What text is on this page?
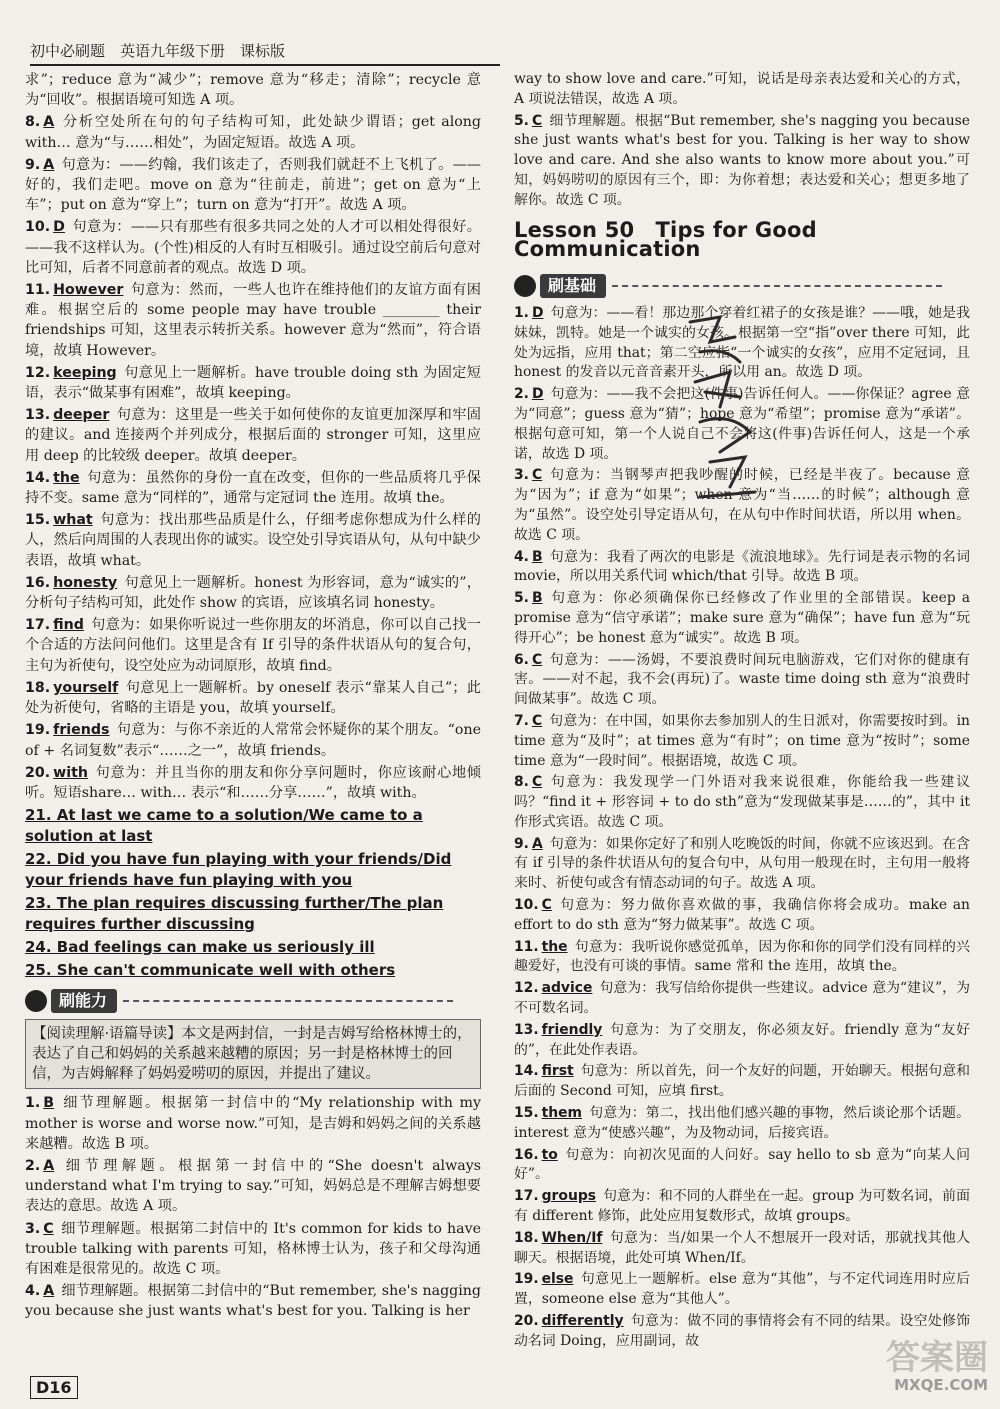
初中必刷题　英语九年级下册　课标版
求”；reduce 意为“减少”；remove 意为“移走；清除”；recycle 意为“回收”。根据语境可知选 A 项。
8. A 分析空处所在句的句子结构可知，此处缺少谓语；get along with… 意为“与……相处”，为固定短语。故选 A 项。
9. A 句意为：——约翰，我们该走了，否则我们就赶不上飞机了。——好的，我们走吧。move on 意为“往前走，前进”；get on 意为“上车”；put on 意为“穿上”；turn on 意为“打开”。故选 A 项。
10. D 句意为：——只有那些有很多共同之处的人才可以相处得很好。——我不这样认为。(个性)相反的人有时互相吸引。通过设空前后句意对比可知，后者不同意前者的观点。故选 D 项。
11. However 句意为：然而，一些人也许在维持他们的友谊方面有困难。根据空后的 some people may have trouble ________ their friendships 可知，这里表示转折关系。however 意为“然而”，符合语境，故填 However。
12. keeping 句意见上一题解析。have trouble doing sth 为固定短语，表示“做某事有困难”，故填 keeping。
13. deeper 句意为：这里是一些关于如何使你的友谊更加深厚和牢固的建议。and 连接两个并列成分，根据后面的 stronger 可知，这里应用 deep 的比较级 deeper。故填 deeper。
14. the 句意为：虽然你的身份一直在改变，但你的一些品质将几乎保持不变。same 意为“同样的”，通常与定冠词 the 连用。故填 the。
15. what 句意为：找出那些品质是什么，仔细考虑你想成为什么样的人，然后向周围的人表现出你的诚实。设空处引导宾语从句，从句中缺少表语，故填 what。
16. honesty 句意见上一题解析。honest 为形容词，意为“诚实的”，分析句子结构可知，此处作 show 的宾语，应该填名词 honesty。
17. find 句意为：如果你听说过一些你朋友的坏消息，你可以自己找一个合适的方法问问他们。这里是含有 If 引导的条件状语从句的复合句，主句为祈使句，设空处应为动词原形，故填 find。
18. yourself 句意见上一题解析。by oneself 表示“靠某人自己”；此处为祈使句，省略的主语是 you，故填 yourself。
19. friends 句意为：与你不亲近的人常常会怀疑你的某个朋友。“one of + 名词复数”表示“……之一”，故填 friends。
20. with 句意为：并且当你的朋友和你分享问题时，你应该耐心地倾听。短语share… with… 表示“和……分享……”，故填 with。
21. At last we came to a solution/We came to a solution at last
22. Did you have fun playing with your friends/Did your friends have fun playing with you
23. The plan requires discussing further/The plan requires further discussing
24. Bad feelings can make us seriously ill
25. She can't communicate well with others
刷能力
【阅读理解·语篇导读】本文是两封信，一封是吉姆写给格林博士的，表达了自己和妈妈的关系越来越糟的原因；另一封是格林博士的回信，为吉姆解释了妈妈爱唠叨的原因，并提出了建议。
1. B 细节理解题。根据第一封信中的“My relationship with my mother is worse and worse now.”可知，是吉姆和妈妈之间的关系越来越糟。故选 B 项。
2. A 细节理解题。根据第一封信中的“She doesn't always understand what I'm trying to say.”可知，妈妈总是不理解吉姆想要表达的意思。故选 A 项。
3. C 细节理解题。根据第二封信中的 It's common for kids to have trouble talking with parents 可知，格林博士认为，孩子和父母沟通有困难是很常见的。故选 C 项。
4. A 细节理解题。根据第二封信中的“But remember, she's nagging you because she just wants what's best for you. Talking is her
way to show love and care.”可知，说话是母亲表达爱和关心的方式，A 项说法错误，故选 A 项。
5. C 细节理解题。根据“But remember, she's nagging you because she just wants what's best for you. Talking is her way to show love and care. And she also wants to know more about you.”可知，妈妈唠叨的原因有三个，即：为你着想；表达爱和关心；想更多地了解你。故选 C 项。
Lesson 50　Tips for Good Communication
刷基础
1. D 句意为：——看！那边那个穿着红裙子的女孩是谁？——哦，她是我妹妹，凯特。她是一个诚实的女孩。根据第一空“指”over there 可知，此处为远指，应用 that；第二空应指“一个诚实的女孩”，应用不定冠词，且 honest 的发音以元音音素开头，所以用 an。故选 D 项。
2. D 句意为：——我不会把这(件事)告诉任何人。——你保证？agree 意为“同意”；guess 意为“猜”；hope 意为“希望”；promise 意为“承诺”。根据句意可知，第一个人说自己不会将这(件事)告诉任何人，这是一个承诺，故选 D 项。
3. C 句意为：当钢琴声把我吵醒的时候，已经是半夜了。because 意为“因为”；if 意为“如果”；when 意为“当……的时候”；although 意为“虽然”。设空处引导定语从句，在从句中作时间状语，所以用 when。故选 C 项。
4. B 句意为：我看了两次的电影是《流浪地球》。先行词是表示物的名词 movie，所以用关系代词 which/that 引导。故选 B 项。
5. B 句意为：你必须确保你已经修改了作业里的全部错误。keep a promise 意为“信守承诺”；make sure 意为“确保”；have fun 意为“玩得开心”；be honest 意为“诚实”。故选 B 项。
6. C 句意为：——汤姆，不要浪费时间玩电脑游戏，它们对你的健康有害。——对不起，我不会(再玩)了。waste time doing sth 意为“浪费时间做某事”。故选 C 项。
7. C 句意为：在中国，如果你去参加别人的生日派对，你需要按时到。in time 意为“及时”；at times 意为“有时”；on time 意为“按时”；some time 意为“一段时间”。根据语境，故选 C 项。
8. C 句意为：我发现学一门外语对我来说很难，你能给我一些建议吗？“find it + 形容词 + to do sth”意为“发现做某事是……的”，其中 it 作形式宾语。故选 C 项。
9. A 句意为：如果你定好了和别人吃晚饭的时间，你就不应该迟到。在含有 if 引导的条件状语从句的复合句中，从句用一般现在时，主句用一般将来时、祈使句或含有情态动词的句子。故选 A 项。
10. C 句意为：努力做你喜欢做的事，我确信你将会成功。make an effort to do sth 意为“努力做某事”。故选 C 项。
11. the 句意为：我听说你感觉孤单，因为你和你的同学们没有同样的兴趣爱好，也没有可谈的事情。same 常和 the 连用，故填 the。
12. advice 句意为：我写信给你提供一些建议。advice 意为“建议”，为不可数名词。
13. friendly 句意为：为了交朋友，你必须友好。friendly 意为“友好的”，在此处作表语。
14. first 句意为：所以首先，问一个友好的问题，开始聊天。根据句意和后面的 Second 可知，应填 first。
15. them 句意为：第二，找出他们感兴趣的事物，然后谈论那个话题。interest 意为“使感兴趣”，为及物动词，后接宾语。
16. to 句意为：向初次见面的人问好。say hello to sb 意为“向某人问好”。
17. groups 句意为：和不同的人群坐在一起。group 为可数名词，前面有 different 修饰，此处应用复数形式，故填 groups。
18. When/If 句意为：当/如果一个人不想展开一段对话，那就找其他人聊天。根据语境，此处可填 When/If。
19. else 句意见上一题解析。else 意为“其他”，与不定代词连用时应后置，someone else 意为“其他人”。
20. differently 句意为：做不同的事情将会有不同的结果。设空处修饰动名词 Doing，应用副词，故
D16
答案圈
MXQE.COM
